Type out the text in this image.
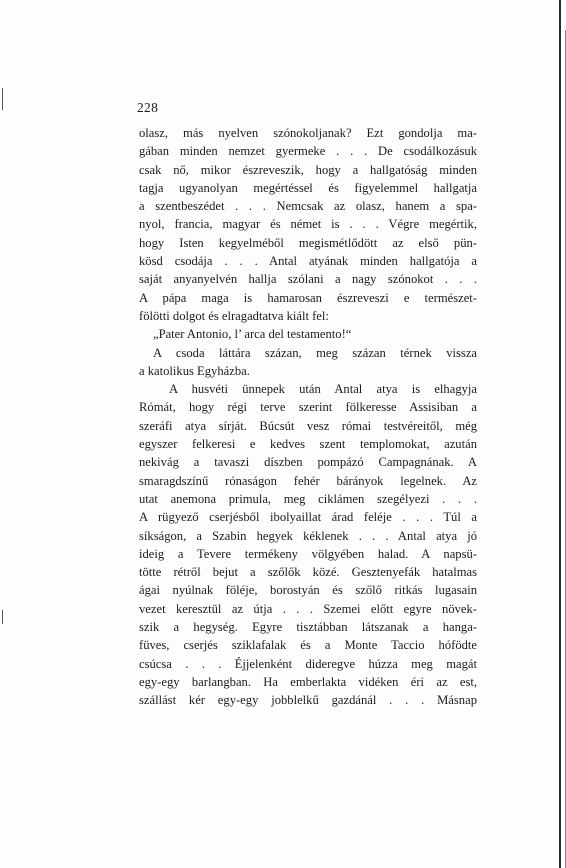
228
olasz, más nyelven szónokoljanak? Ezt gondolja ma-
gában minden nemzet gyermeke . . . De csodálkozásuk
csak nő, mikor észreveszik, hogy a hallgatóság minden
tagja ugyanolyan megértéssel és figyelemmel hallgatja
a szentbeszédet . . . Nemcsak az olasz, hanem a spa-
nyol, francia, magyar és német is . . . Végre megértik,
hogy Isten kegyelméből megismétlődött az első pün-
kösd csodája . . . Antal atyának minden hallgatója a
saját anyanyelvén hallja szólani a nagy szónokot . . .
A pápa maga is hamarosan észreveszi e természet-
fölötti dolgot és elragadtatva kiált fel:
„Pater Antonio, l’ arca del testamento!“
A csoda láttára százan, meg százan térnek vissza
a katolikus Egyházba.
A husvéti ünnepek után Antal atya is elhagyja
Rómát, hogy régi terve szerint fölkeresse Assisiban a
szeráfi atya sírját. Búcsút vesz római testvéreitől, még
egyszer felkeresi e kedves szent templomokat, azután
nekivág a tavaszi díszben pompázó Campagnának. A
smaragdszínű rónaságon fehér bárányok legelnek. Az
utat anemona primula, meg ciklámen szegélyezi . . .
A rügyező cserjésből ibolyaillat árad feléje . . . Túl a
síkságon, a Szabin hegyek kéklenek . . . Antal atya jó
ideig a Tevere termékeny völgyében halad. A napsü-
tötte rétről bejut a szőlők közé. Gesztenyefák hatalmas
ágai nyúlnak föléje, borostyán és szőlő ritkás lugasain
vezet keresztül az útja . . . Szemei előtt egyre növek-
szik a hegység. Egyre tisztábban látszanak a hanga-
füves, cserjés sziklafalak és a Monte Taccio hófödte
csúcsa . . . Éjjelenként dideregve húzza meg magát
egy-egy barlangban. Ha emberlakta vidéken éri az est,
szállást kér egy-egy jobblelkű gazdánál . . . Másnap
